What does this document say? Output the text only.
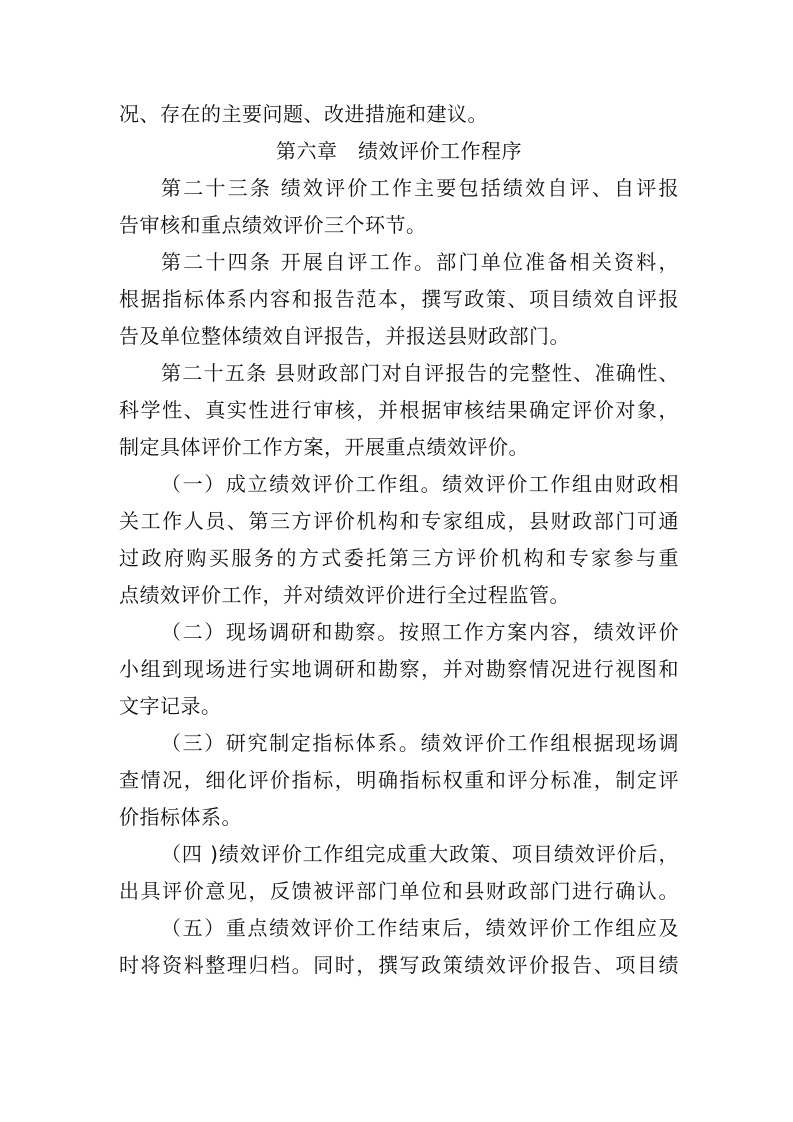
况、存在的主要问题、改进措施和建议。
第六章　绩效评价工作程序
第二十三条 绩效评价工作主要包括绩效自评、自评报
告审核和重点绩效评价三个环节。
第二十四条 开展自评工作。部门单位准备相关资料，
根据指标体系内容和报告范本，撰写政策、项目绩效自评报
告及单位整体绩效自评报告，并报送县财政部门。
第二十五条 县财政部门对自评报告的完整性、准确性、
科学性、真实性进行审核，并根据审核结果确定评价对象，
制定具体评价工作方案，开展重点绩效评价。
（一）成立绩效评价工作组。绩效评价工作组由财政相
关工作人员、第三方评价机构和专家组成，县财政部门可通
过政府购买服务的方式委托第三方评价机构和专家参与重
点绩效评价工作，并对绩效评价进行全过程监管。
（二）现场调研和勘察。按照工作方案内容，绩效评价
小组到现场进行实地调研和勘察，并对勘察情况进行视图和
文字记录。
（三）研究制定指标体系。绩效评价工作组根据现场调
查情况，细化评价指标，明确指标权重和评分标准，制定评
价指标体系。
（四 )绩效评价工作组完成重大政策、项目绩效评价后，
出具评价意见，反馈被评部门单位和县财政部门进行确认。
（五）重点绩效评价工作结束后，绩效评价工作组应及
时将资料整理归档。同时，撰写政策绩效评价报告、项目绩
